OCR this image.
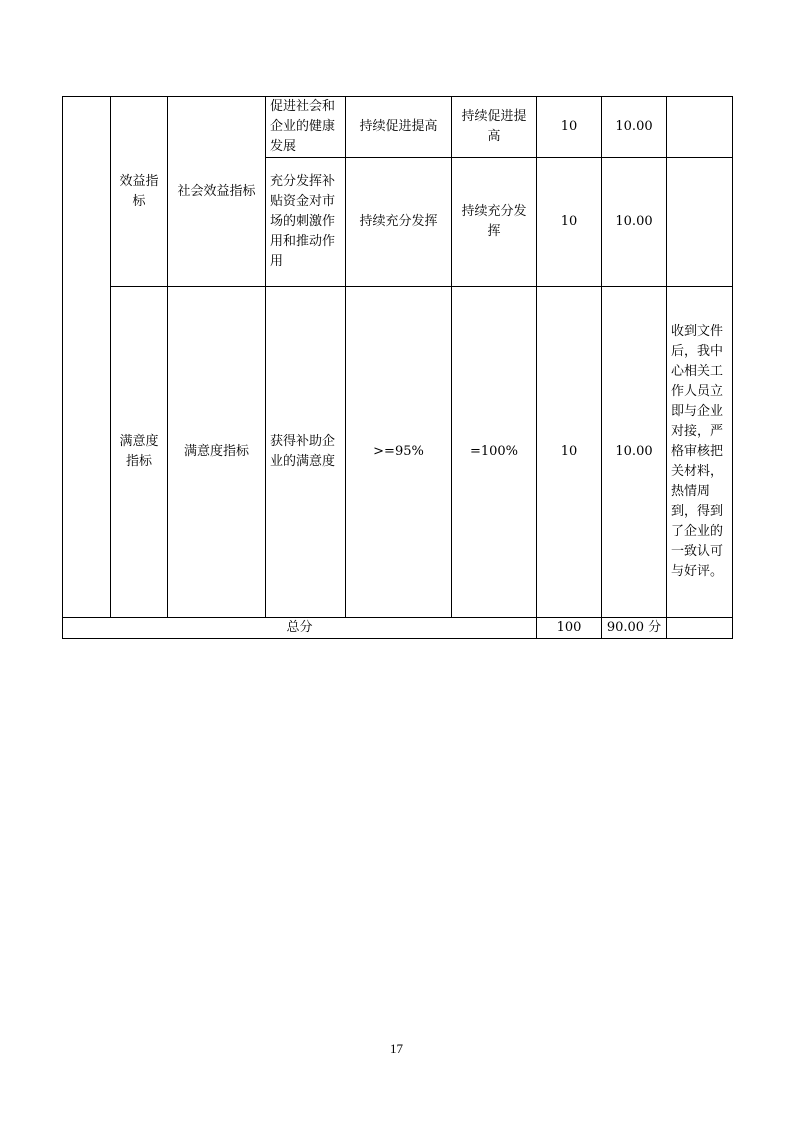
	效益指标	社会效益指标	促进社会和企业的健康发展	持续促进提高	持续促进提高	10	10.00	
			充分发挥补贴资金对市场的刺激作用和推动作用	持续充分发挥	持续充分发挥	10	10.00	
	满意度指标	满意度指标	获得补助企业的满意度	>=95%	=100%	10	10.00	收到文件后，我中心相关工作人员立即与企业对接，严格审核把关材料，热情周到，得到了企业的一致认可与好评。
总分						100	90.00 分	
17
